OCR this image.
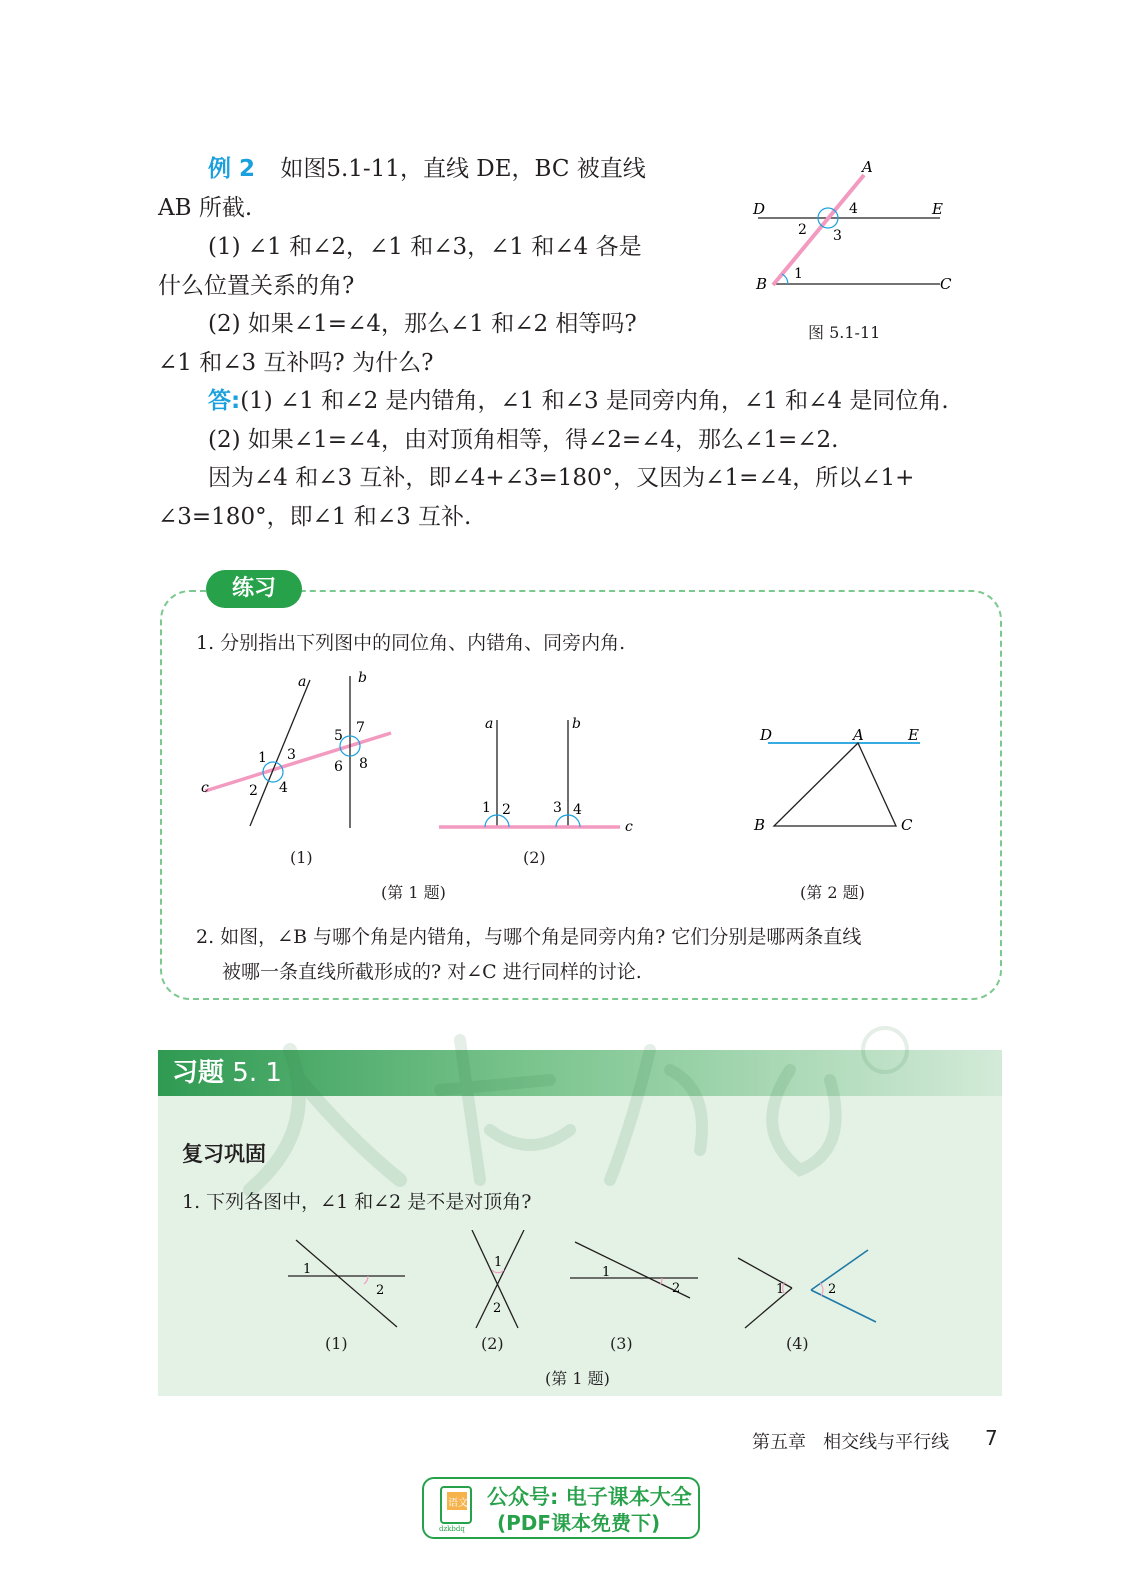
例 2 如图5.1-11，直线 DE，BC 被直线
AB 所截.
(1) ∠1 和∠2，∠1 和∠3，∠1 和∠4 各是
什么位置关系的角?
(2) 如果∠1=∠4，那么∠1 和∠2 相等吗?
∠1 和∠3 互补吗? 为什么?
答:(1) ∠1 和∠2 是内错角，∠1 和∠3 是同旁内角，∠1 和∠4 是同位角.
(2) 如果∠1=∠4，由对顶角相等，得∠2=∠4，那么∠1=∠2.
因为∠4 和∠3 互补，即∠4+∠3=180°，又因为∠1=∠4，所以∠1+
∠3=180°，即∠1 和∠3 互补.
A
D	E
B	C
2 3
4
1
图 5.1-11
练习
1. 分别指出下列图中的同位角、内错角、同旁内角.
a	b
c
1 3
2 4
5 7
6 8
(1)
a	b
c
1 2	3 4
(2)
(第 1 题)
D	A	E
B	C
(第 2 题)
2. 如图，∠B 与哪个角是内错角，与哪个角是同旁内角? 它们分别是哪两条直线
被哪一条直线所截形成的? 对∠C 进行同样的讨论.
习题 5. 1
复习巩固
1. 下列各图中，∠1 和∠2 是不是对顶角?
1
2
1
2
1
2	1	2
(1)	(2)	(3)	(4)
(第 1 题)
第五章   相交线与平行线 7
语文
dzkbdq
公众号: 电子课本大全
(PDF课本免费下)
